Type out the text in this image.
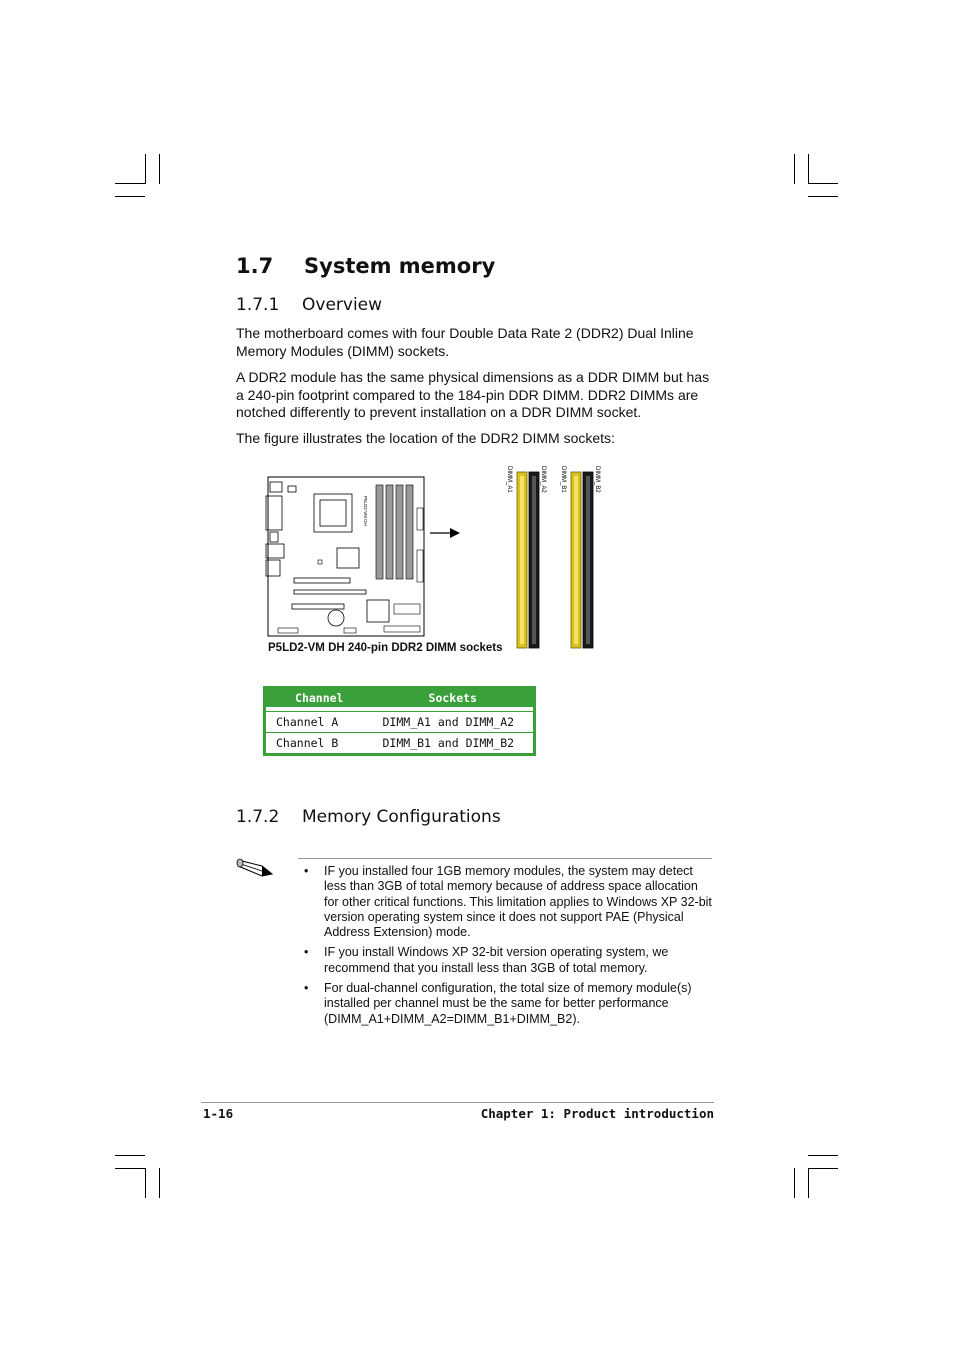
1.7 System memory
1.7.1 Overview
The motherboard comes with four Double Data Rate 2 (DDR2) Dual Inline Memory Modules (DIMM) sockets.
A DDR2 module has the same physical dimensions as a DDR DIMM but has a 240-pin footprint compared to the 184-pin DDR DIMM. DDR2 DIMMs are notched differently to prevent installation on a DDR DIMM socket.
The figure illustrates the location of the DDR2 DIMM sockets:
P5LD2-VM DH
DIMM_A1	DIMM_A2 DIMM_B1	DIMM_B2
P5LD2-VM DH 240-pin DDR2 DIMM sockets
Channel	Sockets

Channel A	DIMM_A1 and DIMM_A2
Channel B	DIMM_B1 and DIMM_B2
1.7.2 Memory Configurations
• IF you installed four 1GB memory modules, the system may detect less than 3GB of total memory because of address space allocation for other critical functions. This limitation applies to Windows XP 32-bit version operating system since it does not support PAE (Physical Address Extension) mode.
• IF you install Windows XP 32-bit version operating system, we recommend that you install less than 3GB of total memory.
• For dual-channel configuration, the total size of memory module(s) installed per channel must be the same for better performance (DIMM_A1+DIMM_A2=DIMM_B1+DIMM_B2).
1-16	Chapter 1: Product introduction
